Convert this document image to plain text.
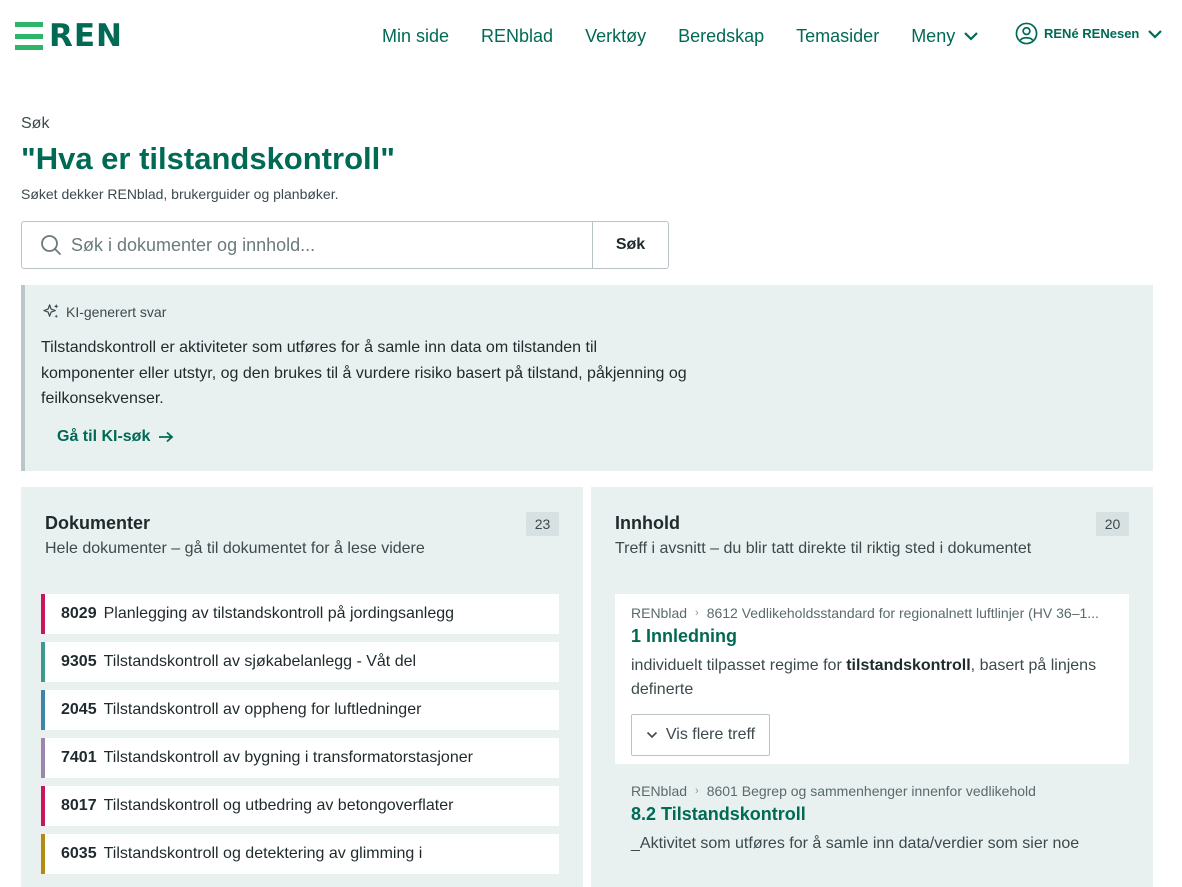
REN	Min side RENblad Verktøy Beredskap Temasider Meny	RENé RENesen
Søk
"Hva er tilstandskontroll"
Søket dekker RENblad, brukerguider og planbøker.
Søk i dokumenter og innhold...
Søk
KI-generert svar
Tilstandskontroll er aktiviteter som utføres for å samle inn data om tilstanden til komponenter eller utstyr, og den brukes til å vurdere risiko basert på tilstand, påkjenning og feilkonsekvenser.
Gå til KI-søk
Dokumenter
Hele dokumenter – gå til dokumentet for å lese videre
23
8029 Planlegging av tilstandskontroll på jordingsanlegg
9305 Tilstandskontroll av sjøkabelanlegg - Våt del
2045 Tilstandskontroll av oppheng for luftledninger
7401 Tilstandskontroll av bygning i transformatorstasjoner
8017 Tilstandskontroll og utbedring av betongoverflater
6035 Tilstandskontroll og detektering av glimming i
Innhold
Treff i avsnitt – du blir tatt direkte til riktig sted i dokumentet
20
RENblad › 8612 Vedlikeholdsstandard for regionalnett luftlinjer (HV 36–1...
1 Innledning
individuelt tilpasset regime for tilstandskontroll, basert på linjens definerte
Vis flere treff
RENblad › 8601 Begrep og sammenhenger innenfor vedlikehold
8.2 Tilstandskontroll
_Aktivitet som utføres for å samle inn data/verdier som sier noe
